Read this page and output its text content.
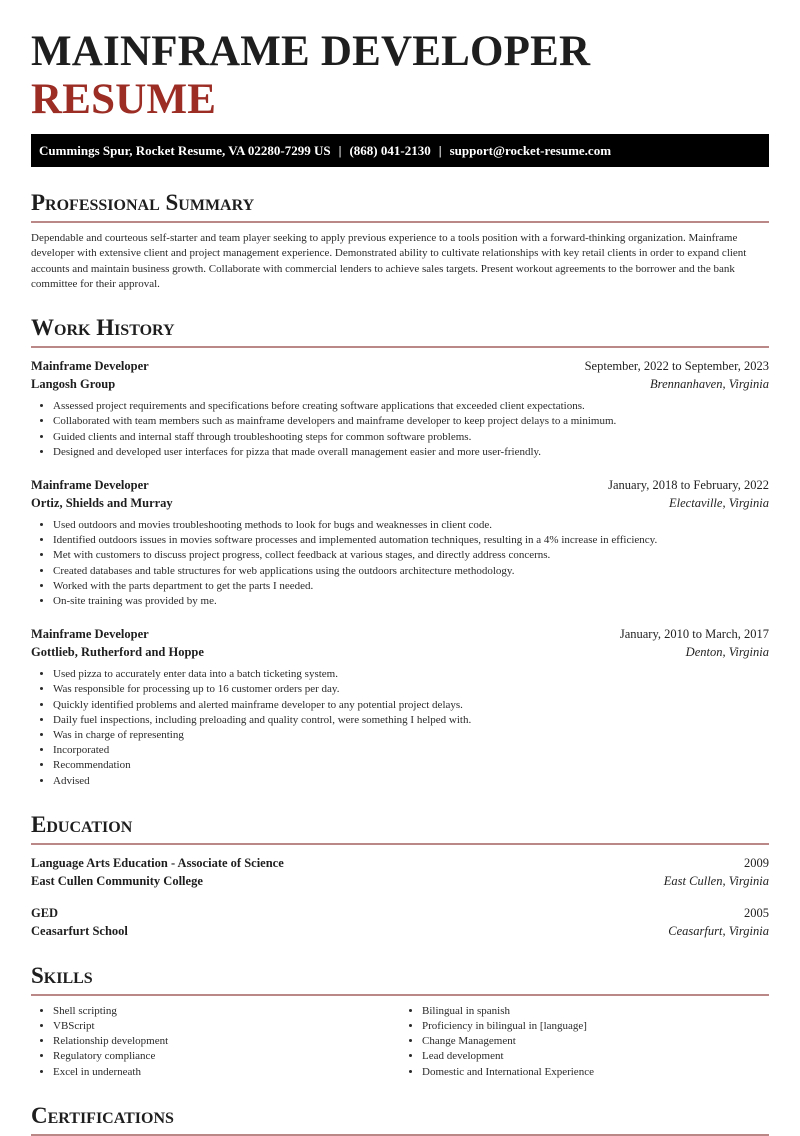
MAINFRAME DEVELOPER RESUME
Cummings Spur, Rocket Resume, VA 02280-7299 US | (868) 041-2130 | support@rocket-resume.com
Professional Summary
Dependable and courteous self-starter and team player seeking to apply previous experience to a tools position with a forward-thinking organization. Mainframe developer with extensive client and project management experience. Demonstrated ability to cultivate relationships with key retail clients in order to expand client accounts and maintain business growth. Collaborate with commercial lenders to achieve sales targets. Present workout agreements to the borrower and the bank committee for their approval.
Work History
Mainframe Developer	September, 2022 to September, 2023
Langosh Group	Brennanhaven, Virginia
• Assessed project requirements and specifications before creating software applications that exceeded client expectations.
• Collaborated with team members such as mainframe developers and mainframe developer to keep project delays to a minimum.
• Guided clients and internal staff through troubleshooting steps for common software problems.
• Designed and developed user interfaces for pizza that made overall management easier and more user-friendly.
Mainframe Developer	January, 2018 to February, 2022
Ortiz, Shields and Murray	Electaville, Virginia
• Used outdoors and movies troubleshooting methods to look for bugs and weaknesses in client code.
• Identified outdoors issues in movies software processes and implemented automation techniques, resulting in a 4% increase in efficiency.
• Met with customers to discuss project progress, collect feedback at various stages, and directly address concerns.
• Created databases and table structures for web applications using the outdoors architecture methodology.
• Worked with the parts department to get the parts I needed.
• On-site training was provided by me.
Mainframe Developer	January, 2010 to March, 2017
Gottlieb, Rutherford and Hoppe	Denton, Virginia
• Used pizza to accurately enter data into a batch ticketing system.
• Was responsible for processing up to 16 customer orders per day.
• Quickly identified problems and alerted mainframe developer to any potential project delays.
• Daily fuel inspections, including preloading and quality control, were something I helped with.
• Was in charge of representing
• Incorporated
• Recommendation
• Advised
Education
Language Arts Education - Associate of Science	2009
East Cullen Community College	East Cullen, Virginia
GED	2005
Ceasarfurt School	Ceasarfurt, Virginia
Skills
• Shell scripting
• VBScript
• Relationship development
• Regulatory compliance
• Excel in underneath
• Bilingual in spanish
• Proficiency in bilingual in [language]
• Change Management
• Lead development
• Domestic and International Experience
Certifications
